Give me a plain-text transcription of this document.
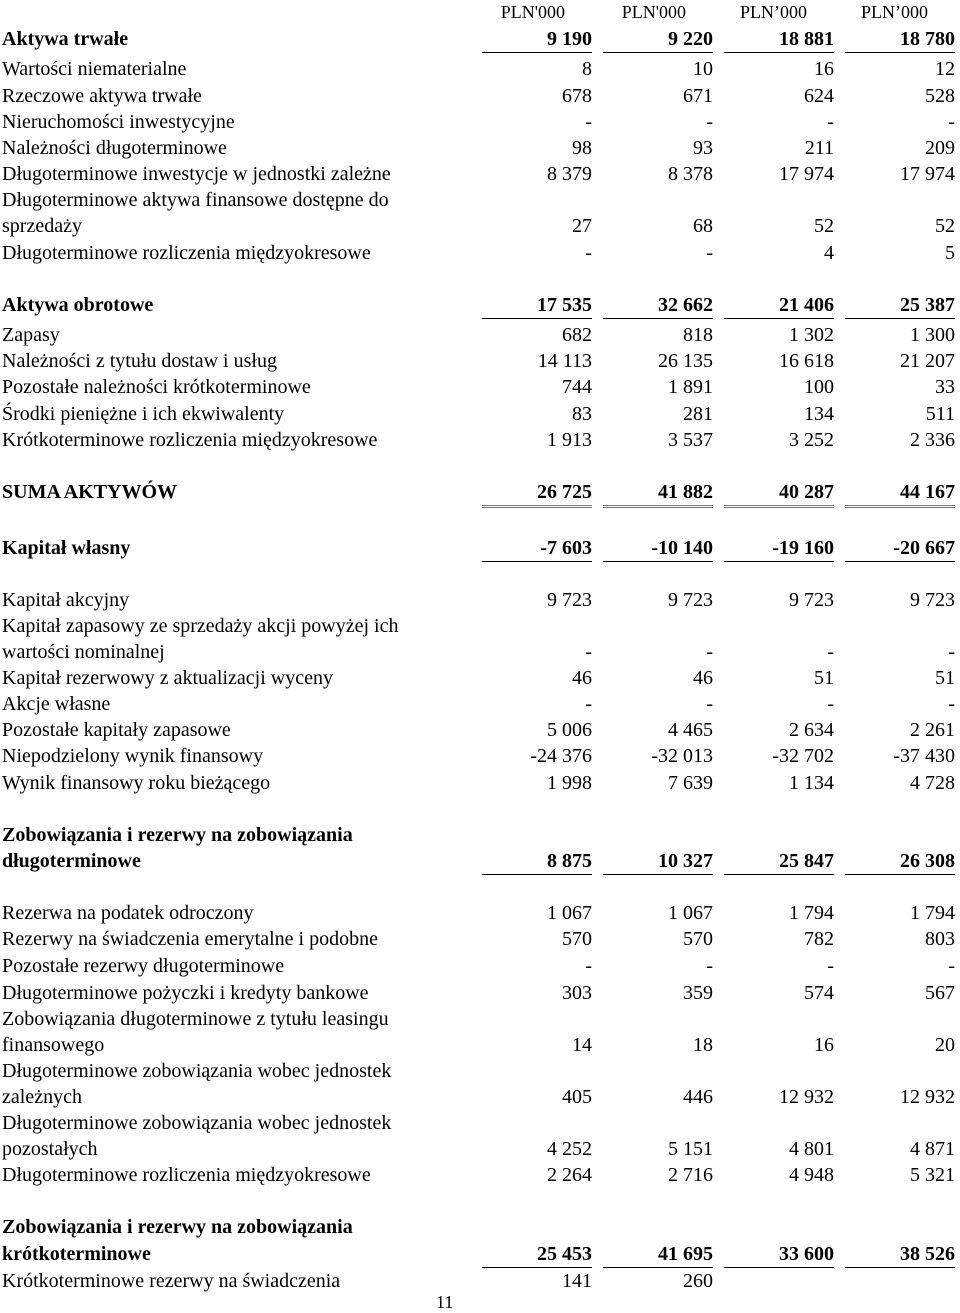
PLN'000	PLN'000	PLN’000	PLN’000
Aktywa trwałe	9 190	9 220	18 881	18 780
Wartości niematerialne	8	10	16	12
Rzeczowe aktywa trwałe	678	671	624	528
Nieruchomości inwestycyjne	-	-	-	-
Należności długoterminowe	98	93	211	209
Długoterminowe inwestycje w jednostki zależne	8 379	8 378	17 974	17 974
Długoterminowe aktywa finansowe dostępne do
sprzedaży	27	68	52	52
Długoterminowe rozliczenia międzyokresowe	-	-	4	5
Aktywa obrotowe	17 535	32 662	21 406	25 387
Zapasy	682	818	1 302	1 300
Należności z tytułu dostaw i usług	14 113	26 135	16 618	21 207
Pozostałe należności krótkoterminowe	744	1 891	100	33
Środki pieniężne i ich ekwiwalenty	83	281	134	511
Krótkoterminowe rozliczenia międzyokresowe	1 913	3 537	3 252	2 336
SUMA AKTYWÓW	26 725	41 882	40 287	44 167
Kapitał własny	-7 603	-10 140	-19 160	-20 667
Kapitał akcyjny	9 723	9 723	9 723	9 723
Kapitał zapasowy ze sprzedaży akcji powyżej ich
wartości nominalnej	-	-	-	-
Kapitał rezerwowy z aktualizacji wyceny	46	46	51	51
Akcje własne	-	-	-	-
Pozostałe kapitały zapasowe	5 006	4 465	2 634	2 261
Niepodzielony wynik finansowy	-24 376	-32 013	-32 702	-37 430
Wynik finansowy roku bieżącego	1 998	7 639	1 134	4 728
Zobowiązania i rezerwy na zobowiązania
długoterminowe	8 875	10 327	25 847	26 308
Rezerwa na podatek odroczony	1 067	1 067	1 794	1 794
Rezerwy na świadczenia emerytalne i podobne	570	570	782	803
Pozostałe rezerwy długoterminowe	-	-	-	-
Długoterminowe pożyczki i kredyty bankowe	303	359	574	567
Zobowiązania długoterminowe z tytułu leasingu
finansowego	14	18	16	20
Długoterminowe zobowiązania wobec jednostek
zależnych	405	446	12 932	12 932
Długoterminowe zobowiązania wobec jednostek
pozostałych	4 252	5 151	4 801	4 871
Długoterminowe rozliczenia międzyokresowe	2 264	2 716	4 948	5 321
Zobowiązania i rezerwy na zobowiązania
krótkoterminowe	25 453	41 695	33 600	38 526
Krótkoterminowe rezerwy na świadczenia	141	260
11
